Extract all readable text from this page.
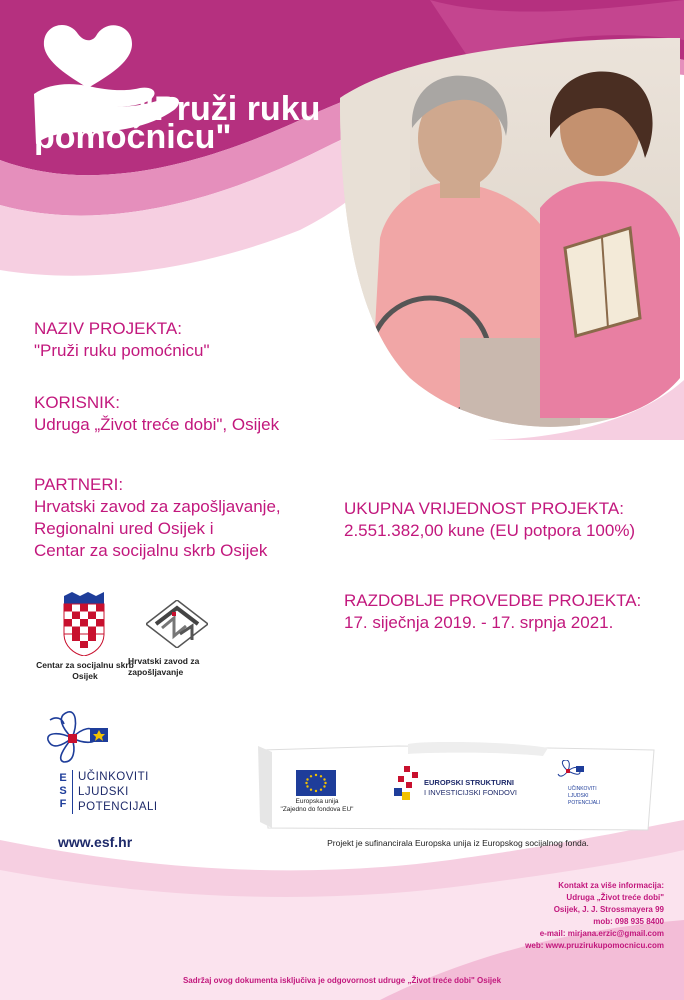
"Pruži ruku
pomoćnicu"
NAZIV PROJEKTA:
"Pruži ruku pomoćnicu"
KORISNIK:
Udruga „Život treće dobi", Osijek
PARTNERI:
Hrvatski zavod za zapošljavanje,
Regionalni ured Osijek i
Centar za socijalnu skrb Osijek
UKUPNA VRIJEDNOST PROJEKTA:
2.551.382,00 kune (EU potpora 100%)
RAZDOBLJE PROVEDBE PROJEKTA:
17. siječnja 2019. - 17. srpnja 2021.
Centar za socijalnu skrb
Osijek
Hrvatski zavod za
zapošljavanje
E
S
F
UČINKOVITI
LJUDSKI
POTENCIJALI
www.esf.hr
Europska unija
"Zajedno do fondova EU"
EUROPSKI STRUKTURNI
I INVESTICIJSKI FONDOVI	UČINKOVITI
LJUDSKI
POTENCIJALI
Projekt je sufinancirala Europska unija iz Europskog socijalnog fonda.
Kontakt za više informacija:
Udruga „Život treće dobi"
Osijek, J. J. Strossmayera 99
mob: 098 935 8400
e-mail: mirjana.erzic@gmail.com
web: www.pruzirukupomocnicu.com
Sadržaj ovog dokumenta isključiva je odgovornost udruge „Život treće dobi" Osijek
